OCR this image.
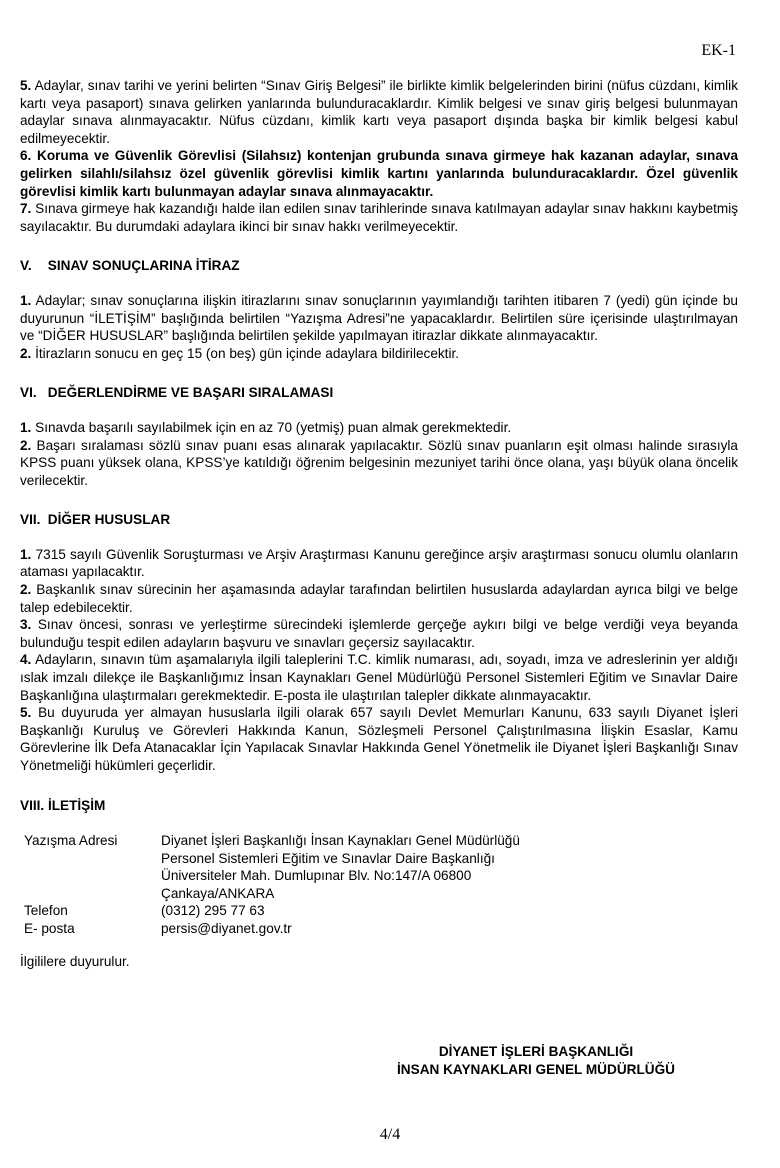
EK-1

5. Adaylar, sınav tarihi ve yerini belirten “Sınav Giriş Belgesi” ile birlikte kimlik belgelerinden birini (nüfus cüzdanı, kimlik kartı veya pasaport) sınava gelirken yanlarında bulunduracaklardır. Kimlik belgesi ve sınav giriş belgesi bulunmayan adaylar sınava alınmayacaktır. Nüfus cüzdanı, kimlik kartı veya pasaport dışında başka bir kimlik belgesi kabul edilmeyecektir.

6. Koruma ve Güvenlik Görevlisi (Silahsız) kontenjan grubunda sınava girmeye hak kazanan adaylar, sınava gelirken silahlı/silahsız özel güvenlik görevlisi kimlik kartını yanlarında bulunduracaklardır. Özel güvenlik görevlisi kimlik kartı bulunmayan adaylar sınava alınmayacaktır.

7. Sınava girmeye hak kazandığı halde ilan edilen sınav tarihlerinde sınava katılmayan adaylar sınav hakkını kaybetmiş sayılacaktır. Bu durumdaki adaylara ikinci bir sınav hakkı verilmeyecektir.

V. SINAV SONUÇLARINA İTİRAZ

1. Adaylar; sınav sonuçlarına ilişkin itirazlarını sınav sonuçlarının yayımlandığı tarihten itibaren 7 (yedi) gün içinde bu duyurunun “İLETİŞİM” başlığında belirtilen “Yazışma Adresi”ne yapacaklardır. Belirtilen süre içerisinde ulaştırılmayan ve “DİĞER HUSUSLAR” başlığında belirtilen şekilde yapılmayan itirazlar dikkate alınmayacaktır.

2. İtirazların sonucu en geç 15 (on beş) gün içinde adaylara bildirilecektir.

VI. DEĞERLENDİRME VE BAŞARI SIRALAMASI

1. Sınavda başarılı sayılabilmek için en az 70 (yetmiş) puan almak gerekmektedir.

2. Başarı sıralaması sözlü sınav puanı esas alınarak yapılacaktır. Sözlü sınav puanların eşit olması halinde sırasıyla KPSS puanı yüksek olana, KPSS’ye katıldığı öğrenim belgesinin mezuniyet tarihi önce olana, yaşı büyük olana öncelik verilecektir.

VII. DİĞER HUSUSLAR

1. 7315 sayılı Güvenlik Soruşturması ve Arşiv Araştırması Kanunu gereğince arşiv araştırması sonucu olumlu olanların ataması yapılacaktır.

2. Başkanlık sınav sürecinin her aşamasında adaylar tarafından belirtilen hususlarda adaylardan ayrıca bilgi ve belge talep edebilecektir.

3. Sınav öncesi, sonrası ve yerleştirme sürecindeki işlemlerde gerçeğe aykırı bilgi ve belge verdiği veya beyanda bulunduğu tespit edilen adayların başvuru ve sınavları geçersiz sayılacaktır.

4. Adayların, sınavın tüm aşamalarıyla ilgili taleplerini T.C. kimlik numarası, adı, soyadı, imza ve adreslerinin yer aldığı ıslak imzalı dilekçe ile Başkanlığımız İnsan Kaynakları Genel Müdürlüğü Personel Sistemleri Eğitim ve Sınavlar Daire Başkanlığına ulaştırmaları gerekmektedir. E-posta ile ulaştırılan talepler dikkate alınmayacaktır.

5. Bu duyuruda yer almayan hususlarla ilgili olarak 657 sayılı Devlet Memurları Kanunu, 633 sayılı Diyanet İşleri Başkanlığı Kuruluş ve Görevleri Hakkında Kanun, Sözleşmeli Personel Çalıştırılmasına İlişkin Esaslar, Kamu Görevlerine İlk Defa Atanacaklar İçin Yapılacak Sınavlar Hakkında Genel Yönetmelik ile Diyanet İşleri Başkanlığı Sınav Yönetmeliği hükümleri geçerlidir.

VIII. İLETİŞİM
Yazışma Adresi	Diyanet İşleri Başkanlığı İnsan Kaynakları Genel Müdürlüğü
Personel Sistemleri Eğitim ve Sınavlar Daire Başkanlığı
Üniversiteler Mah. Dumlupınar Blv. No:147/A 06800
Çankaya/ANKARA
Telefon	(0312) 295 77 63
E- posta	persis@diyanet.gov.tr

İlgililere duyurulur.

DİYANET İŞLERİ BAŞKANLIĞI
İNSAN KAYNAKLARI GENEL MÜDÜRLÜĞÜ
4/4
